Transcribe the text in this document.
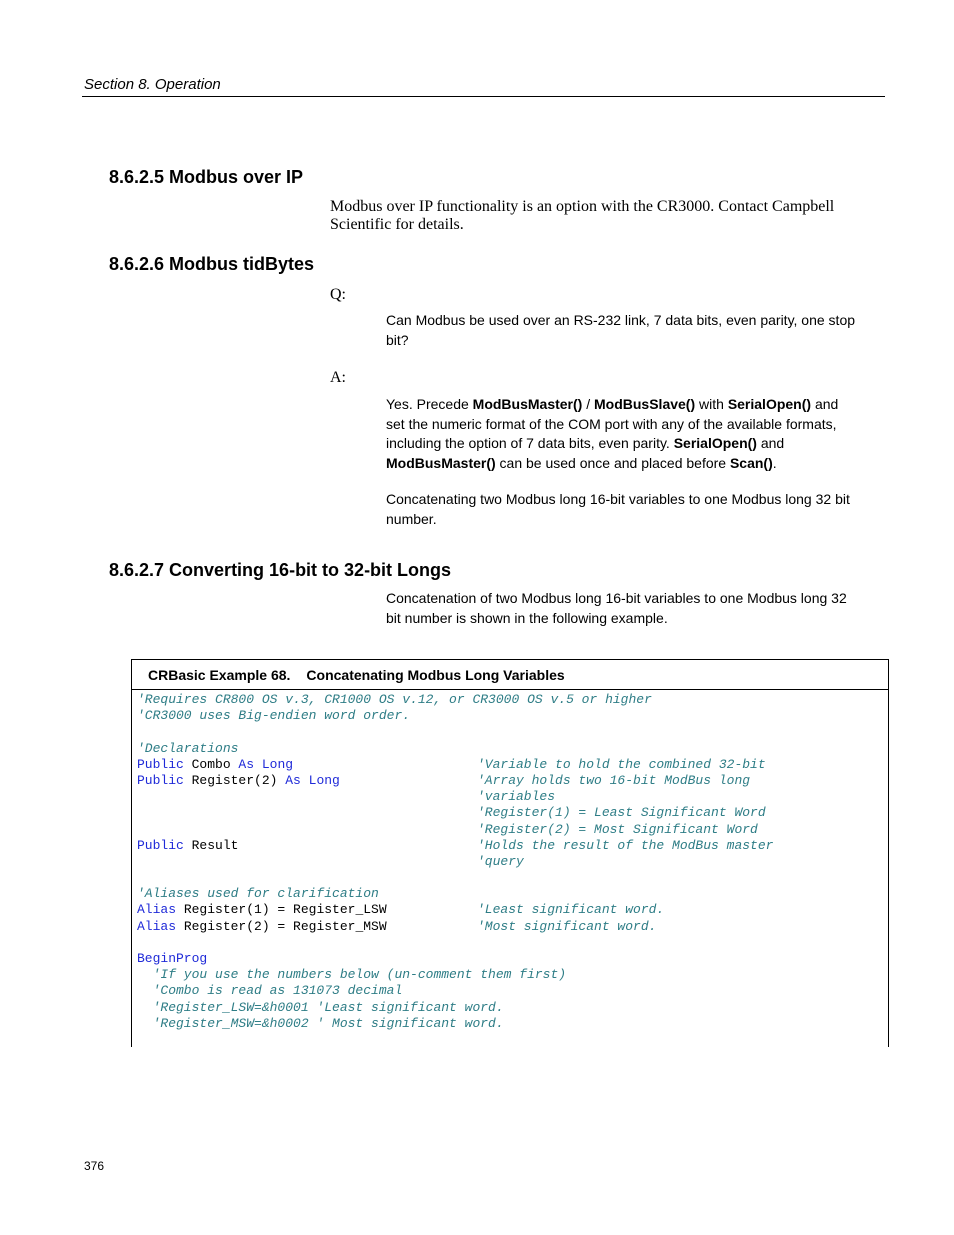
Section 8. Operation
8.6.2.5 Modbus over IP
Modbus over IP functionality is an option with the CR3000. Contact Campbell Scientific for details.
8.6.2.6 Modbus tidBytes
Q:
Can Modbus be used over an RS-232 link, 7 data bits, even parity, one stop bit?
A:
Yes. Precede ModBusMaster() / ModBusSlave() with SerialOpen() and set the numeric format of the COM port with any of the available formats, including the option of 7 data bits, even parity. SerialOpen() and ModBusMaster() can be used once and placed before Scan().
Concatenating two Modbus long 16-bit variables to one Modbus long 32 bit number.
8.6.2.7 Converting 16-bit to 32-bit Longs
Concatenation of two Modbus long 16-bit variables to one Modbus long 32 bit number is shown in the following example.
CRBasic Example 68. Concatenating Modbus Long Variables
'Requires CR800 OS v.3, CR1000 OS v.12, or CR3000 OS v.5 or higher
'CR3000 uses Big-endien word order.
'Declarations
Public Combo As Long	'Variable to hold the combined 32-bit
Public Register(2) As Long	'Array holds two 16-bit ModBus long
'variables
'Register(1) = Least Significant Word
'Register(2) = Most Significant Word
Public Result	'Holds the result of the ModBus master
'query
'Aliases used for clarification
Alias Register(1) = Register_LSW	'Least significant word.
Alias Register(2) = Register_MSW	'Most significant word.
BeginProg
'If you use the numbers below (un-comment them first)
'Combo is read as 131073 decimal
'Register_LSW=&h0001 'Least significant word.
'Register_MSW=&h0002 ' Most significant word.
376
